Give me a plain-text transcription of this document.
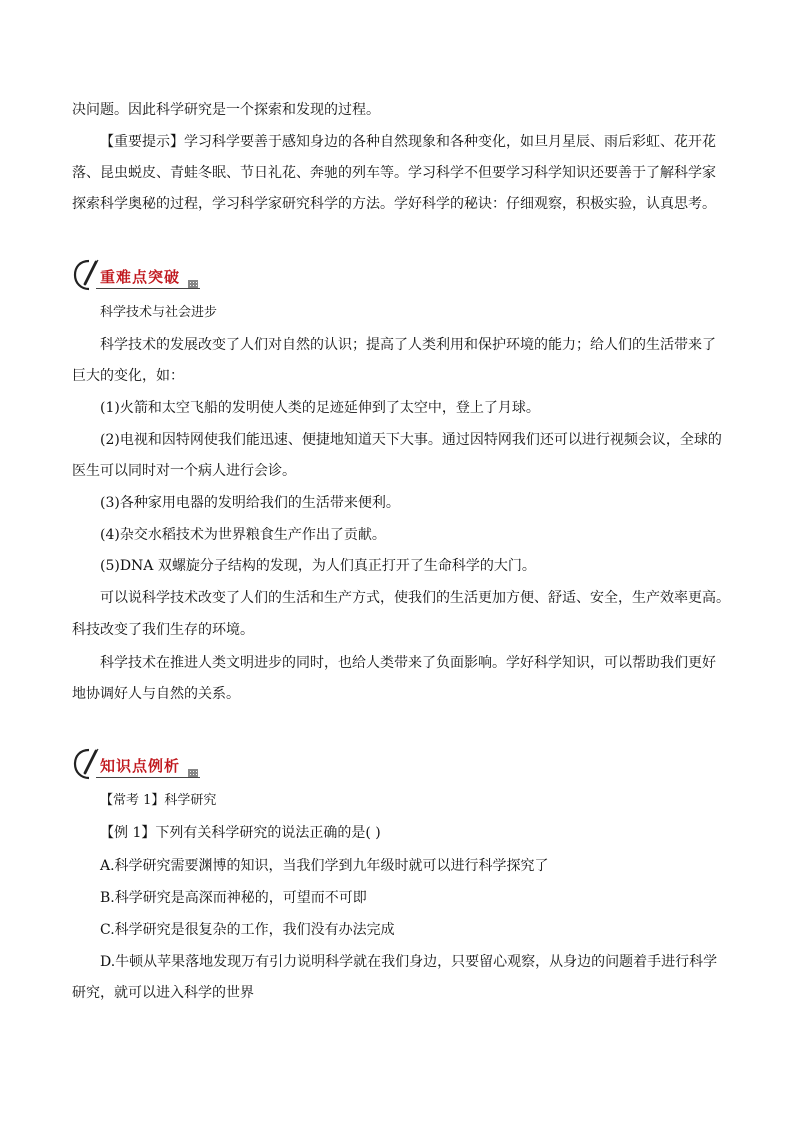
决问题。因此科学研究是一个探索和发现的过程。
【重要提示】学习科学要善于感知身边的各种自然现象和各种变化，如旦月星辰、雨后彩虹、花开花
落、昆虫蜕皮、青蛙冬眠、节日礼花、奔驰的列车等。学习科学不但要学习科学知识还要善于了解科学家
探索科学奥秘的过程，学习科学家研究科学的方法。学好科学的秘诀：仔细观察，积极实验，认真思考。
重难点突破
科学技术与社会进步
科学技术的发展改变了人们对自然的认识；提高了人类利用和保护环境的能力；给人们的生活带来了
巨大的变化，如：
(1)火箭和太空飞船的发明使人类的足迹延伸到了太空中，登上了月球。
(2)电视和因特网使我们能迅速、便捷地知道天下大事。通过因特网我们还可以进行视频会议，全球的
医生可以同时对一个病人进行会诊。
(3)各种家用电器的发明给我们的生活带来便利。
(4)杂交水稻技术为世界粮食生产作出了贡献。
(5)DNA 双螺旋分子结构的发现，为人们真正打开了生命科学的大门。
可以说科学技术改变了人们的生活和生产方式，使我们的生活更加方便、舒适、安全，生产效率更高。
科技改变了我们生存的环境。
科学技术在推进人类文明进步的同时，也给人类带来了负面影响。学好科学知识，可以帮助我们更好
地协调好人与自然的关系。
知识点例析
【常考 1】科学研究
【例 1】下列有关科学研究的说法正确的是( )
A.科学研究需要渊博的知识，当我们学到九年级时就可以进行科学探究了
B.科学研究是高深而神秘的，可望而不可即
C.科学研究是很复杂的工作，我们没有办法完成
D.牛顿从苹果落地发现万有引力说明科学就在我们身边，只要留心观察，从身边的问题着手进行科学
研究，就可以进入科学的世界
